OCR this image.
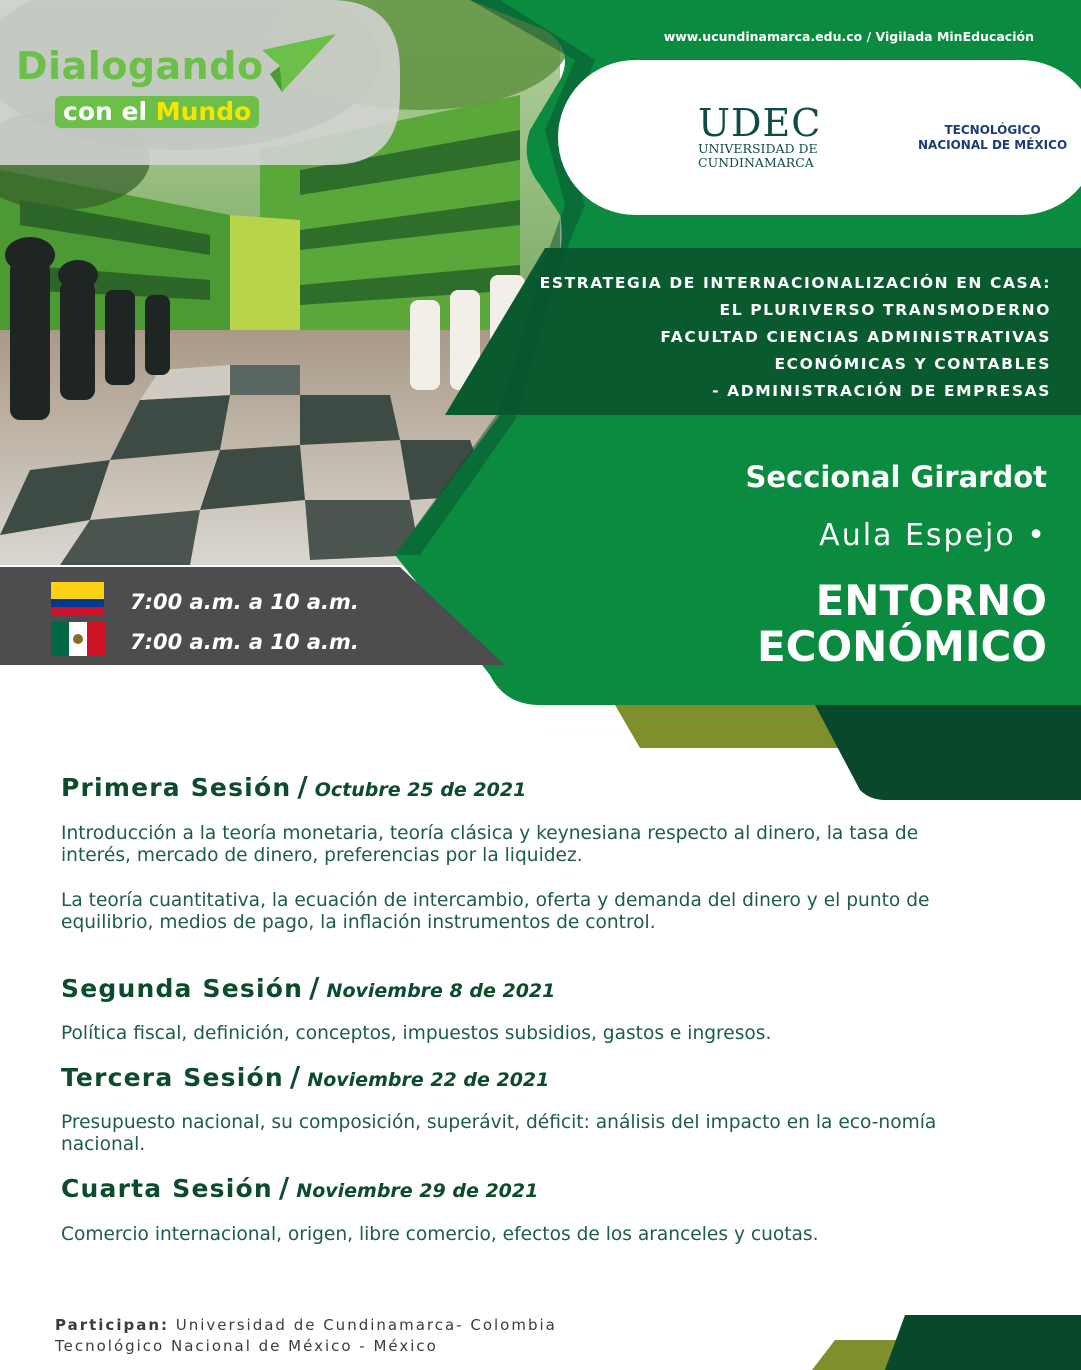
Dialogando
con el Mundo
www.ucundinamarca.edu.co / Vigilada MinEducación
UDEC
UNIVERSIDAD DE
CUNDINAMARCA
TECNOLÓGICO
NACIONAL DE MÉXICO
ESTRATEGIA DE INTERNACIONALIZACIÓN EN CASA:
EL PLURIVERSO TRANSMODERNO
FACULTAD CIENCIAS ADMINISTRATIVAS
ECONÓMICAS Y CONTABLES
- ADMINISTRACIÓN DE EMPRESAS
Seccional Girardot
Aula Espejo •
ENTORNO
ECONÓMICO
7:00 a.m. a 10 a.m.
7:00 a.m. a 10 a.m.
Primera Sesión / Octubre 25 de 2021
Introducción a la teoría monetaria, teoría clásica y keynesiana respecto al dinero, la tasa de interés, mercado de dinero, preferencias por la liquidez.
La teoría cuantitativa, la ecuación de intercambio, oferta y demanda del dinero y el punto de equilibrio, medios de pago, la inflación instrumentos de control.
Segunda Sesión / Noviembre 8 de 2021
Política fiscal, definición, conceptos, impuestos subsidios, gastos e ingresos.
Tercera Sesión / Noviembre 22 de 2021
Presupuesto nacional, su composición, superávit, déficit: análisis del impacto en la eco-nomía nacional.
Cuarta Sesión / Noviembre 29 de 2021
Comercio internacional, origen, libre comercio, efectos de los aranceles y cuotas.
Participan: Universidad de Cundinamarca- Colombia
Tecnológico Nacional de México - México
